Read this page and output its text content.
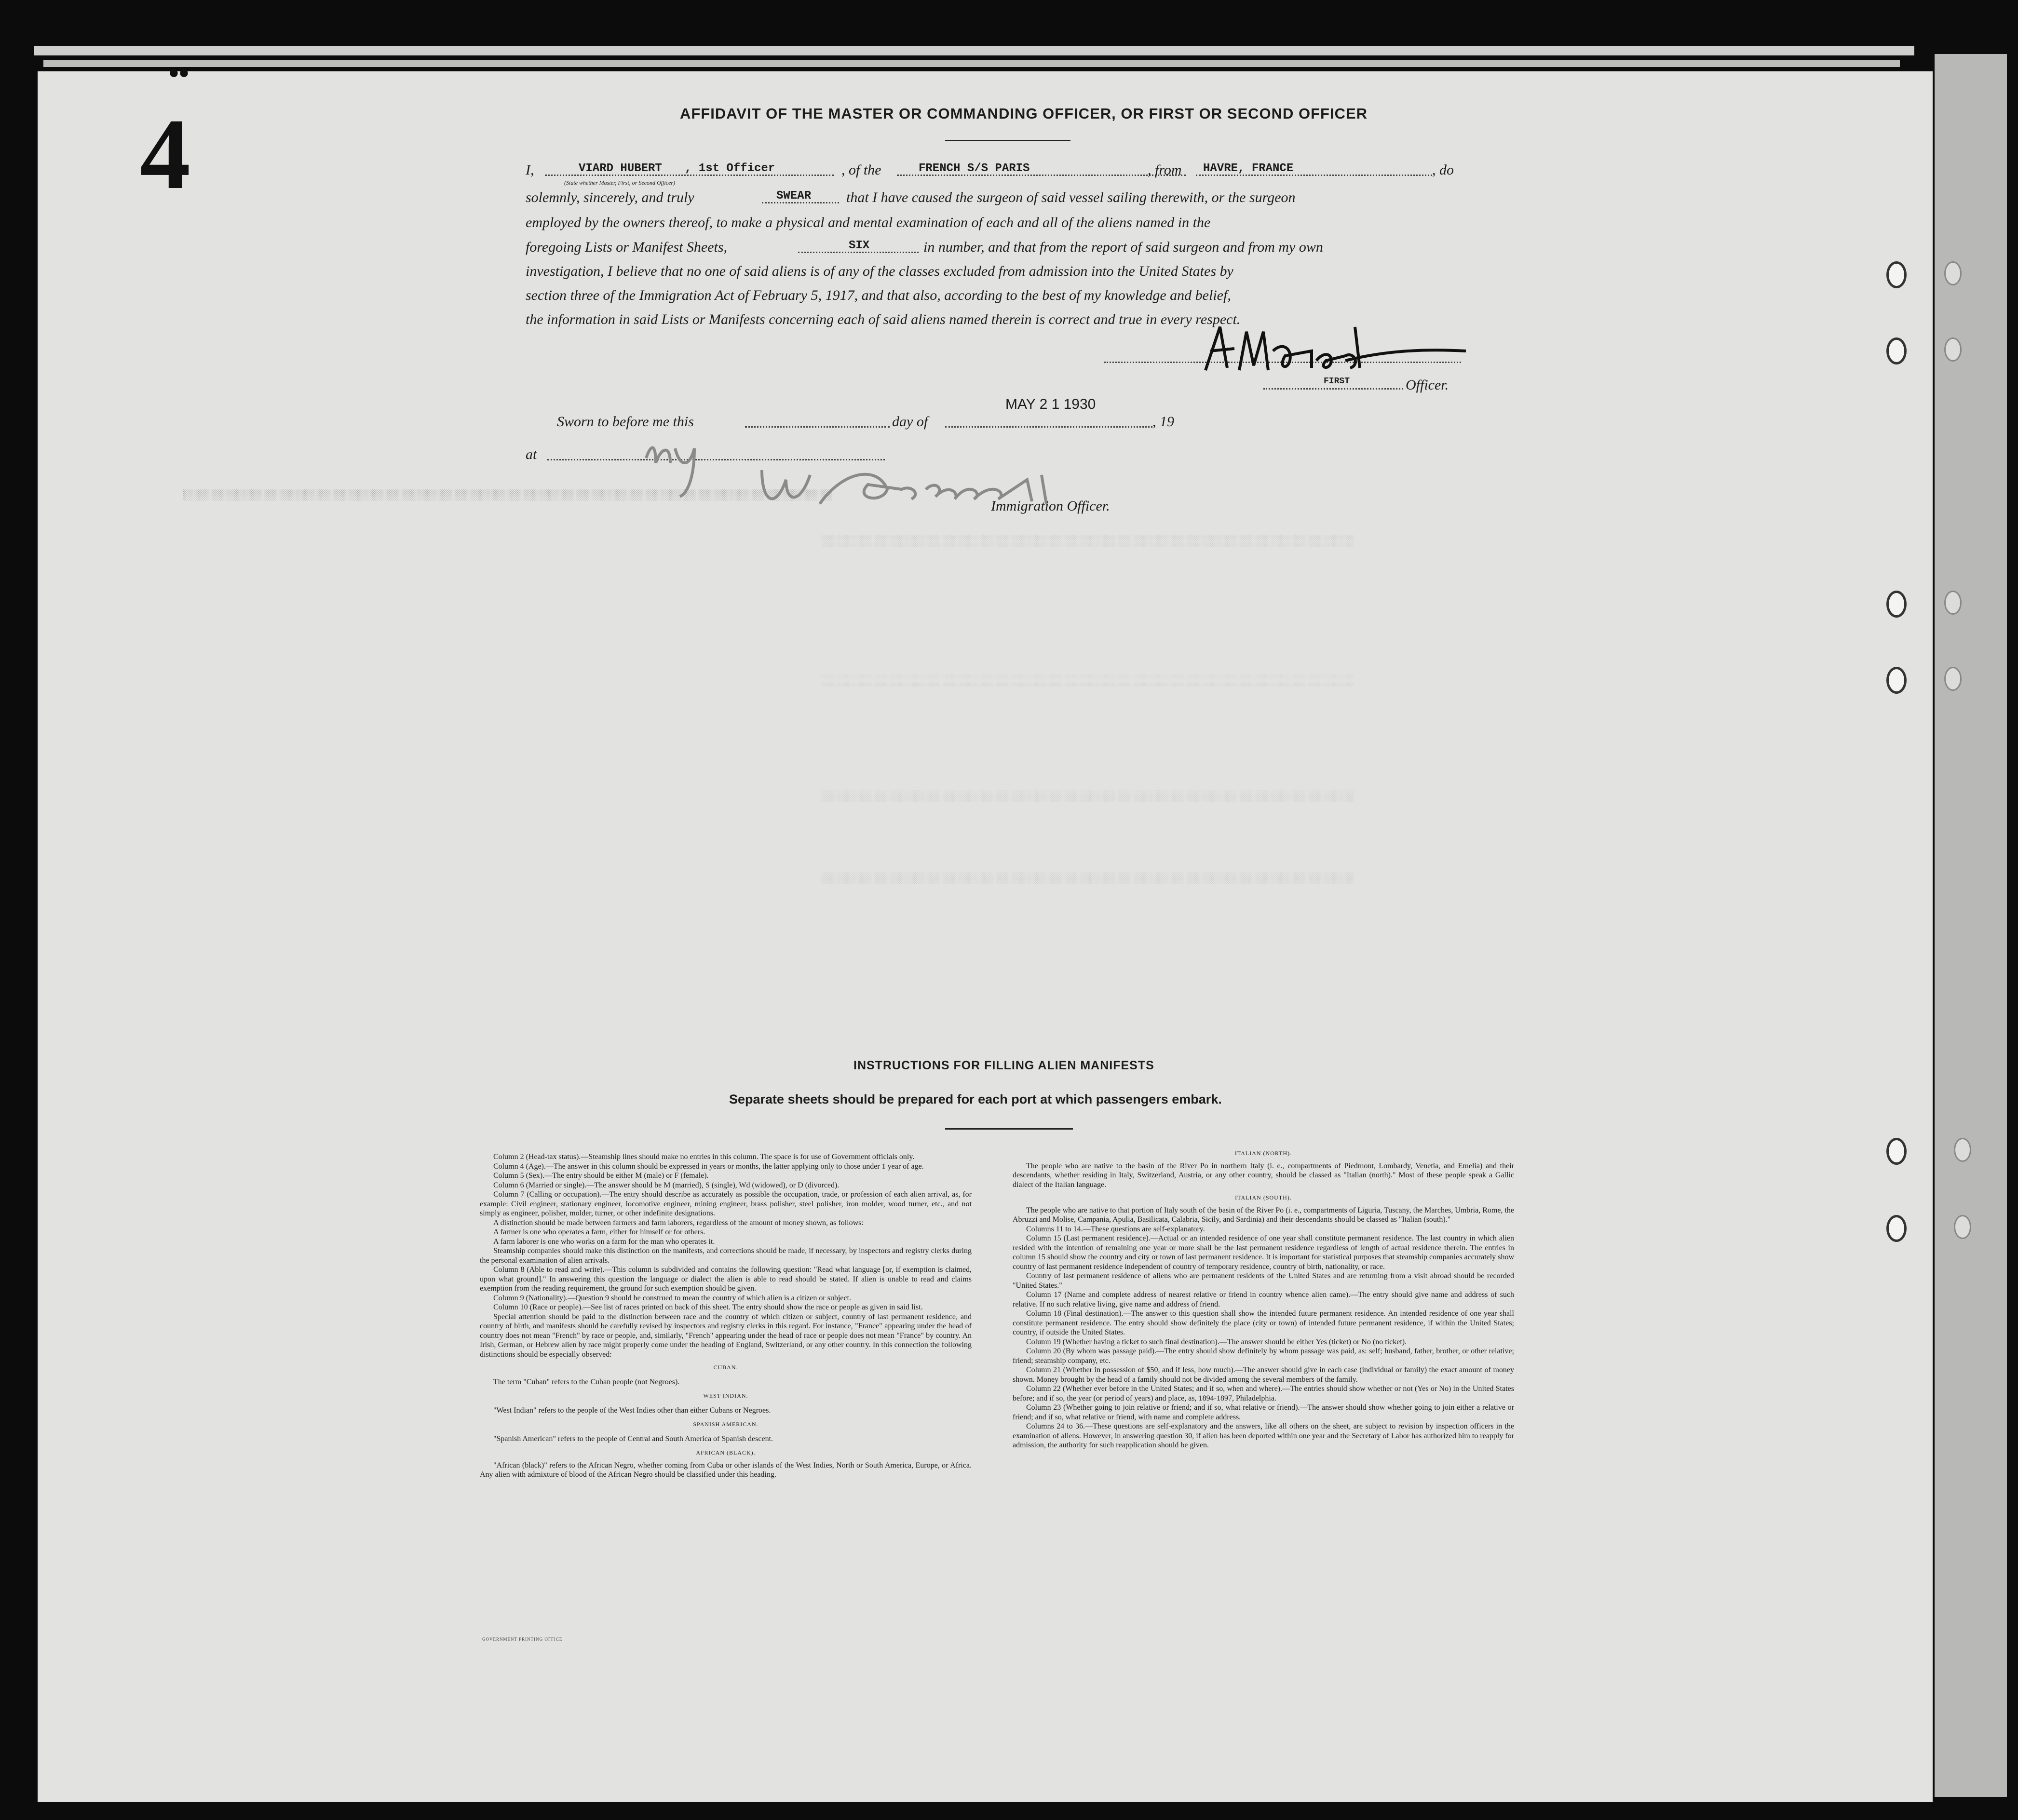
••
4
░░░░░░░░░░░░░░░░░░░░░░░░░░░░░░░░░░░░░░░░░░░░░░░░░░░░░░░░░░░░░░░░░░░░░░░░░░░░░░░░░░░░░░░░░░░░░░░░░░░░░░
░░░░░░░░░░░░░░░░░░░░░░░░░░░░░░░░░░░░░░░░░░░░░░░░░░░░░░░░░░░░░░░░░░░░░░░░░░░░░░░░░░░░
░░░░░░░░░░░░░░░░░░░░░░░░░░░░░░░░░░░░░░░░░░░░░░░░░░░░░░░░░░░░░░░░░░░░░░░░░░░░░░░░░░░░
░░░░░░░░░░░░░░░░░░░░░░░░░░░░░░░░░░░░░░░░░░░░░░░░░░░░░░░░░░░░░░░░░░░░░░░░░░░░░░░░░░░░
░░░░░░░░░░░░░░░░░░░░░░░░░░░░░░░░░░░░░░░░░░░░░░░░░░░░░░░░░░░░░░░░░░░░░░░░░░░░░░░░░░░░
AFFIDAVIT OF THE MASTER OR COMMANDING OFFICER, OR FIRST OR SECOND OFFICER
I,	VIARD HUBERT , 1st Officer	, of the	FRENCH S/S PARIS	, from HAVRE, FRANCE	, do
(State whether Master, First, or Second Officer)
solemnly, sincerely, and truly	SWEAR that I have caused the surgeon of said vessel sailing therewith, or the surgeon
employed by the owners thereof, to make a physical and mental examination of each and all of the aliens named in the
foregoing Lists or Manifest Sheets,	SIX	in number, and that from the report of said surgeon and from my own
investigation, I believe that no one of said aliens is of any of the classes excluded from admission into the United States by
section three of the Immigration Act of February 5, 1917, and that also, according to the best of my knowledge and belief,
the information in said Lists or Manifests concerning each of said aliens named therein is correct and true in every respect.
FIRST	Officer.
Sworn to before me this	day of
MAY 2 1 1930
, 19
at
Immigration Officer.
INSTRUCTIONS FOR FILLING ALIEN MANIFESTS
Separate sheets should be prepared for each port at which passengers embark.

Column 2 (Head-tax status).—Steamship lines should make no entries in this column. The space is for use of Government officials only.

Column 4 (Age).—The answer in this column should be expressed in years or months, the latter applying only to those under 1 year of age.

Column 5 (Sex).—The entry should be either M (male) or F (female).

Column 6 (Married or single).—The answer should be M (married), S (single), Wd (widowed), or D (divorced).

Column 7 (Calling or occupation).—The entry should describe as accurately as possible the occupation, trade, or profession of each alien arrival, as, for example: Civil engineer, stationary engineer, locomotive engineer, mining engineer, brass polisher, steel polisher, iron molder, wood turner, etc., and not simply as engineer, polisher, molder, turner, or other indefinite designations.

A distinction should be made between farmers and farm laborers, regardless of the amount of money shown, as follows:

A farmer is one who operates a farm, either for himself or for others.

A farm laborer is one who works on a farm for the man who operates it.

Steamship companies should make this distinction on the manifests, and corrections should be made, if necessary, by inspectors and registry clerks during the personal examination of alien arrivals.

Column 8 (Able to read and write).—This column is subdivided and contains the following question: "Read what language [or, if exemption is claimed, upon what ground]." In answering this question the language or dialect the alien is able to read should be stated. If alien is unable to read and claims exemption from the reading requirement, the ground for such exemption should be given.

Column 9 (Nationality).—Question 9 should be construed to mean the country of which alien is a citizen or subject.

Column 10 (Race or people).—See list of races printed on back of this sheet. The entry should show the race or people as given in said list.

Special attention should be paid to the distinction between race and the country of which citizen or subject, country of last permanent residence, and country of birth, and manifests should be carefully revised by inspectors and registry clerks in this regard. For instance, "France" appearing under the head of country does not mean "French" by race or people, and, similarly, "French" appearing under the head of race or people does not mean "France" by country. An Irish, German, or Hebrew alien by race might properly come under the heading of England, Switzerland, or any other country. In this connection the following distinctions should be especially observed:

CUBAN.

The term "Cuban" refers to the Cuban people (not Negroes).

WEST INDIAN.

"West Indian" refers to the people of the West Indies other than either Cubans or Negroes.

SPANISH AMERICAN.

"Spanish American" refers to the people of Central and South America of Spanish descent.

AFRICAN (BLACK).

"African (black)" refers to the African Negro, whether coming from Cuba or other islands of the West Indies, North or South America, Europe, or Africa. Any alien with admixture of blood of the African Negro should be classified under this heading.

ITALIAN (NORTH).

The people who are native to the basin of the River Po in northern Italy (i. e., compartments of Piedmont, Lombardy, Venetia, and Emelia) and their descendants, whether residing in Italy, Switzerland, Austria, or any other country, should be classed as "Italian (north)." Most of these people speak a Gallic dialect of the Italian language.

ITALIAN (SOUTH).

The people who are native to that portion of Italy south of the basin of the River Po (i. e., compartments of Liguria, Tuscany, the Marches, Umbria, Rome, the Abruzzi and Molise, Campania, Apulia, Basilicata, Calabria, Sicily, and Sardinia) and their descendants should be classed as "Italian (south)."

Columns 11 to 14.—These questions are self-explanatory.

Column 15 (Last permanent residence).—Actual or an intended residence of one year shall constitute permanent residence. The last country in which alien resided with the intention of remaining one year or more shall be the last permanent residence regardless of length of actual residence therein. The entries in column 15 should show the country and city or town of last permanent residence. It is important for statistical purposes that steamship companies accurately show country of last permanent residence independent of country of temporary residence, country of birth, nationality, or race.

Country of last permanent residence of aliens who are permanent residents of the United States and are returning from a visit abroad should be recorded "United States."

Column 17 (Name and complete address of nearest relative or friend in country whence alien came).—The entry should give name and address of such relative. If no such relative living, give name and address of friend.

Column 18 (Final destination).—The answer to this question shall show the intended future permanent residence. An intended residence of one year shall constitute permanent residence. The entry should show definitely the place (city or town) of intended future permanent residence, if within the United States; country, if outside the United States.

Column 19 (Whether having a ticket to such final destination).—The answer should be either Yes (ticket) or No (no ticket).

Column 20 (By whom was passage paid).—The entry should show definitely by whom passage was paid, as: self; husband, father, brother, or other relative; friend; steamship company, etc.

Column 21 (Whether in possession of $50, and if less, how much).—The answer should give in each case (individual or family) the exact amount of money shown. Money brought by the head of a family should not be divided among the several members of the family.

Column 22 (Whether ever before in the United States; and if so, when and where).—The entries should show whether or not (Yes or No) in the United States before; and if so, the year (or period of years) and place, as, 1894-1897, Philadelphia.

Column 23 (Whether going to join relative or friend; and if so, what relative or friend).—The answer should show whether going to join either a relative or friend; and if so, what relative or friend, with name and complete address.

Columns 24 to 36.—These questions are self-explanatory and the answers, like all others on the sheet, are subject to revision by inspection officers in the examination of aliens. However, in answering question 30, if alien has been deported within one year and the Secretary of Labor has authorized him to reapply for admission, the authority for such reapplication should be given.

GOVERNMENT PRINTING OFFICE
